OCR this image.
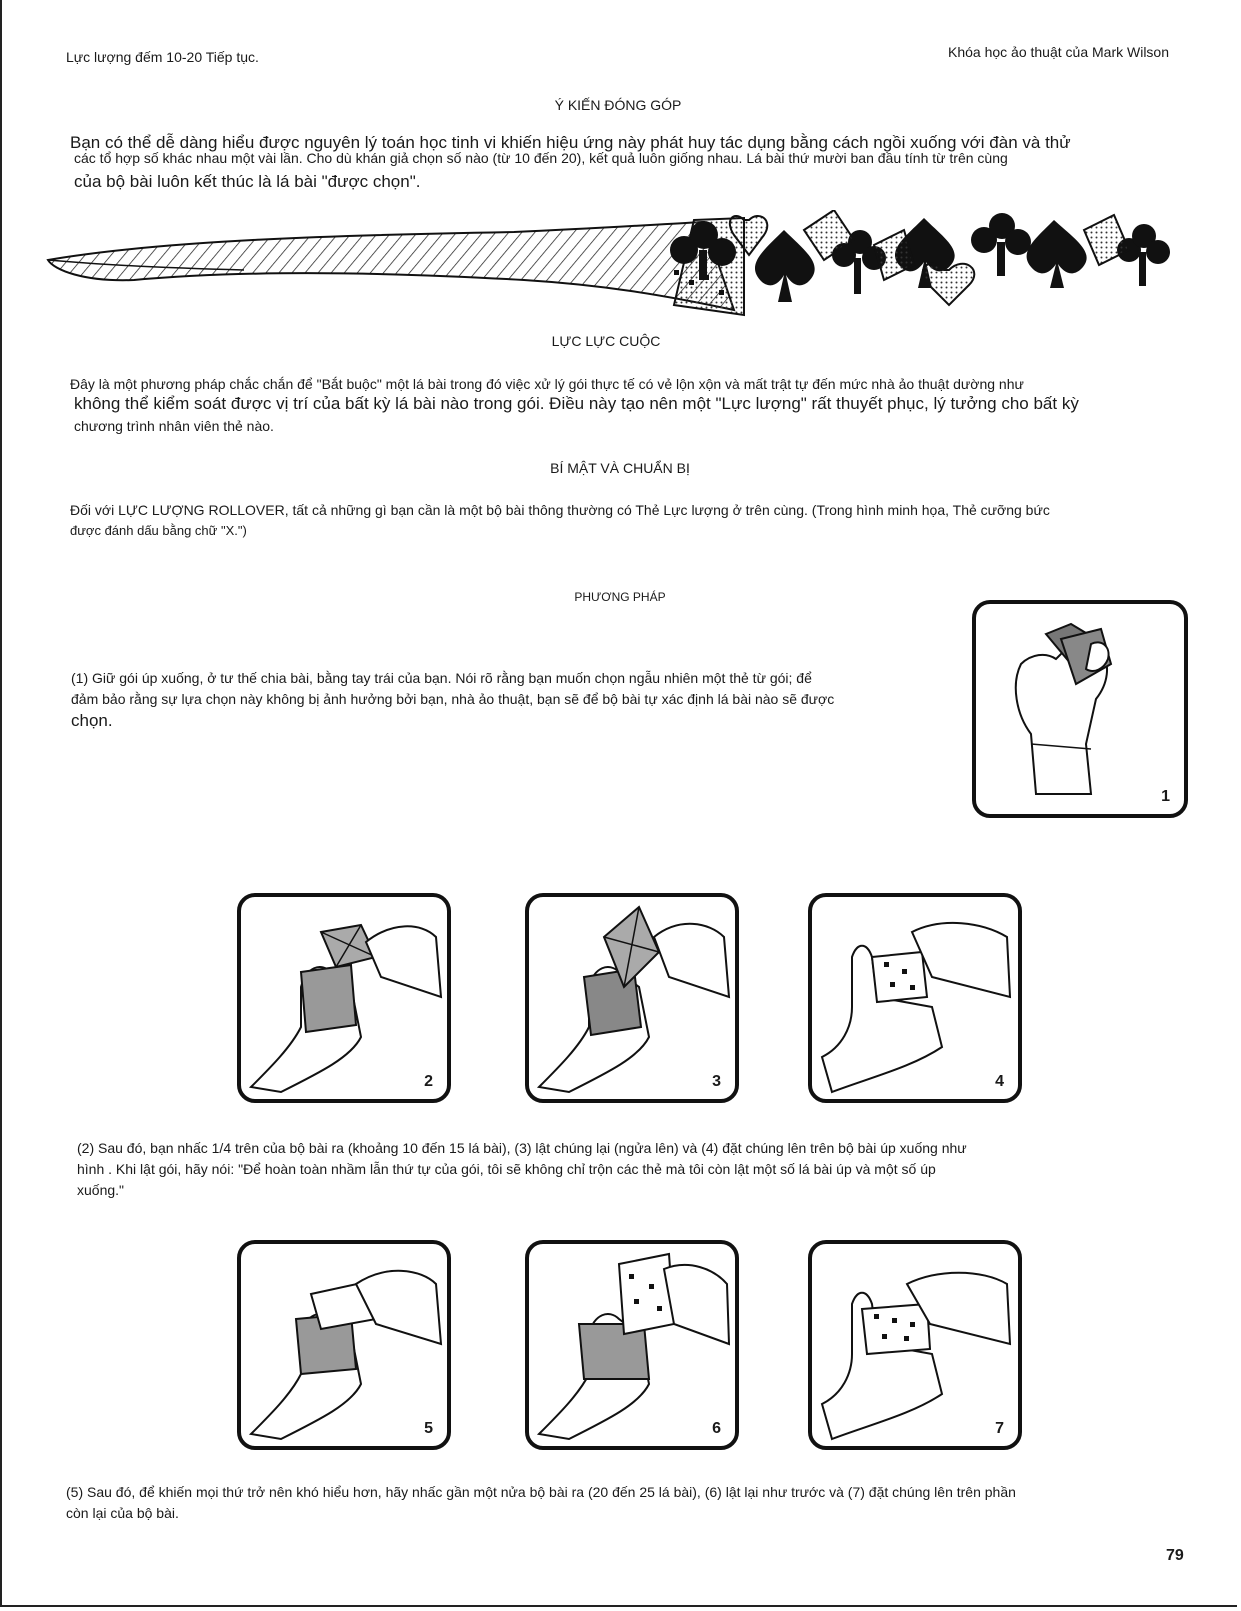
Lực lượng đếm 10-20 Tiếp tục.	Khóa học ảo thuật của Mark Wilson
Ý KIẾN ĐÓNG GÓP
Bạn có thể dễ dàng hiểu được nguyên lý toán học tinh vi khiến hiệu ứng này phát huy tác dụng bằng cách ngồi xuống với đàn và thử
các tổ hợp số khác nhau một vài lần. Cho dù khán giả chọn số nào (từ 10 đến 20), kết quả luôn giống nhau. Lá bài thứ mười ban đầu tính từ trên cùng
của bộ bài luôn kết thúc là lá bài "được chọn".
LỰC LỰC CUỘC
Đây là một phương pháp chắc chắn để "Bắt buộc" một lá bài trong đó việc xử lý gói thực tế có vẻ lộn xộn và mất trật tự đến mức nhà ảo thuật dường như
không thể kiểm soát được vị trí của bất kỳ lá bài nào trong gói. Điều này tạo nên một "Lực lượng" rất thuyết phục, lý tưởng cho bất kỳ
chương trình nhân viên thẻ nào.
BÍ MẬT VÀ CHUẨN BỊ
Đối với LỰC LƯỢNG ROLLOVER, tất cả những gì bạn cần là một bộ bài thông thường có Thẻ Lực lượng ở trên cùng. (Trong hình minh họa, Thẻ cưỡng bức
được đánh dấu bằng chữ "X.")
PHƯƠNG PHÁP
(1) Giữ gói úp xuống, ở tư thế chia bài, bằng tay trái của bạn. Nói rõ rằng bạn muốn chọn ngẫu nhiên một thẻ từ gói; để
đảm bảo rằng sự lựa chọn này không bị ảnh hưởng bởi bạn, nhà ảo thuật, bạn sẽ để bộ bài tự xác định lá bài nào sẽ được
chọn.
1
2	3	4
(2) Sau đó, bạn nhấc 1/4 trên của bộ bài ra (khoảng 10 đến 15 lá bài), (3) lật chúng lại (ngửa lên) và (4) đặt chúng lên trên bộ bài úp xuống như
hình . Khi lật gói, hãy nói: "Để hoàn toàn nhầm lẫn thứ tự của gói, tôi sẽ không chỉ trộn các thẻ mà tôi còn lật một số lá bài úp và một số úp
xuống."
5	6	7
(5) Sau đó, để khiến mọi thứ trở nên khó hiểu hơn, hãy nhấc gần một nửa bộ bài ra (20 đến 25 lá bài), (6) lật lại như trước và (7) đặt chúng lên trên phần
còn lại của bộ bài.
79
